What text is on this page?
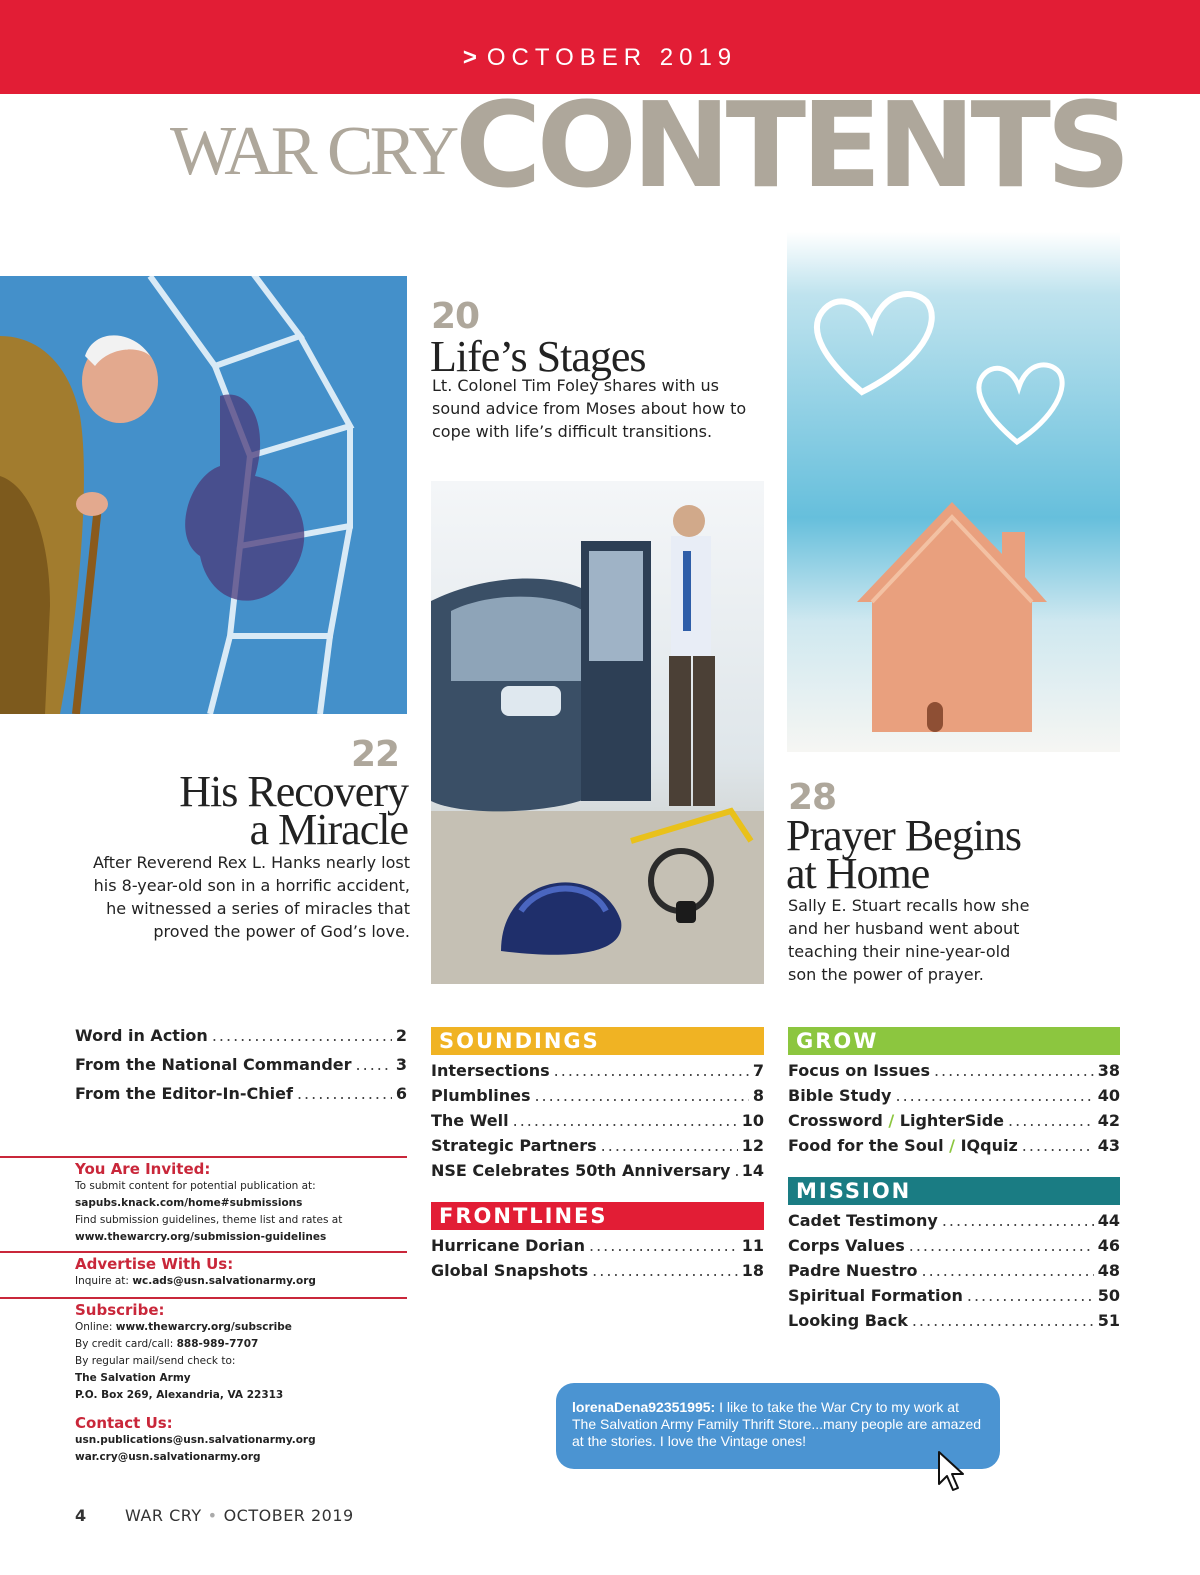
> OCTOBER 2019
WAR CRY CONTENTS
20
Life’s Stages
Lt. Colonel Tim Foley shares with us sound advice from Moses about how to cope with life’s difficult transitions.
22
His Recovery
a Miracle
After Reverend Rex L. Hanks nearly lost his 8-year-old son in a horrific accident, he witnessed a series of miracles that proved the power of God’s love.
28
Prayer Begins
at Home
Sally E. Stuart recalls how she and her husband went about teaching their nine-year-old son the power of prayer.
Word in Action .....	2
From the National Commander .....	3
From the Editor-In-Chief .....	6
SOUNDINGS
Intersections .....	7
Plumblines .....	8
The Well .....	10
Strategic Partners .....	12
NSE Celebrates 50th Anniversary ..... 14
FRONTLINES
Hurricane Dorian .....	11
Global Snapshots .....	18
GROW
Focus on Issues .....	38
Bible Study .....	40
Crossword / LighterSide .....	42
Food for the Soul / IQquiz .....	43
MISSION
Cadet Testimony .....	44
Corps Values .....	46
Padre Nuestro .....	48
Spiritual Formation .....	50
Looking Back .....	51
You Are Invited:
To submit content for potential publication at:
sapubs.knack.com/home#submissions
Find submission guidelines, theme list and rates at
www.thewarcry.org/submission-guidelines
Advertise With Us:
Inquire at: wc.ads@usn.salvationarmy.org
Subscribe:
Online: www.thewarcry.org/subscribe
By credit card/call: 888-989-7707
By regular mail/send check to:
The Salvation Army
P.O. Box 269, Alexandria, VA 22313
Contact Us:
usn.publications@usn.salvationarmy.org
war.cry@usn.salvationarmy.org
lorenaDena92351995: I like to take the War Cry to my work at The Salvation Army Family Thrift Store...many people are amazed at the stories. I love the Vintage ones!
4 WAR CRY • OCTOBER 2019
